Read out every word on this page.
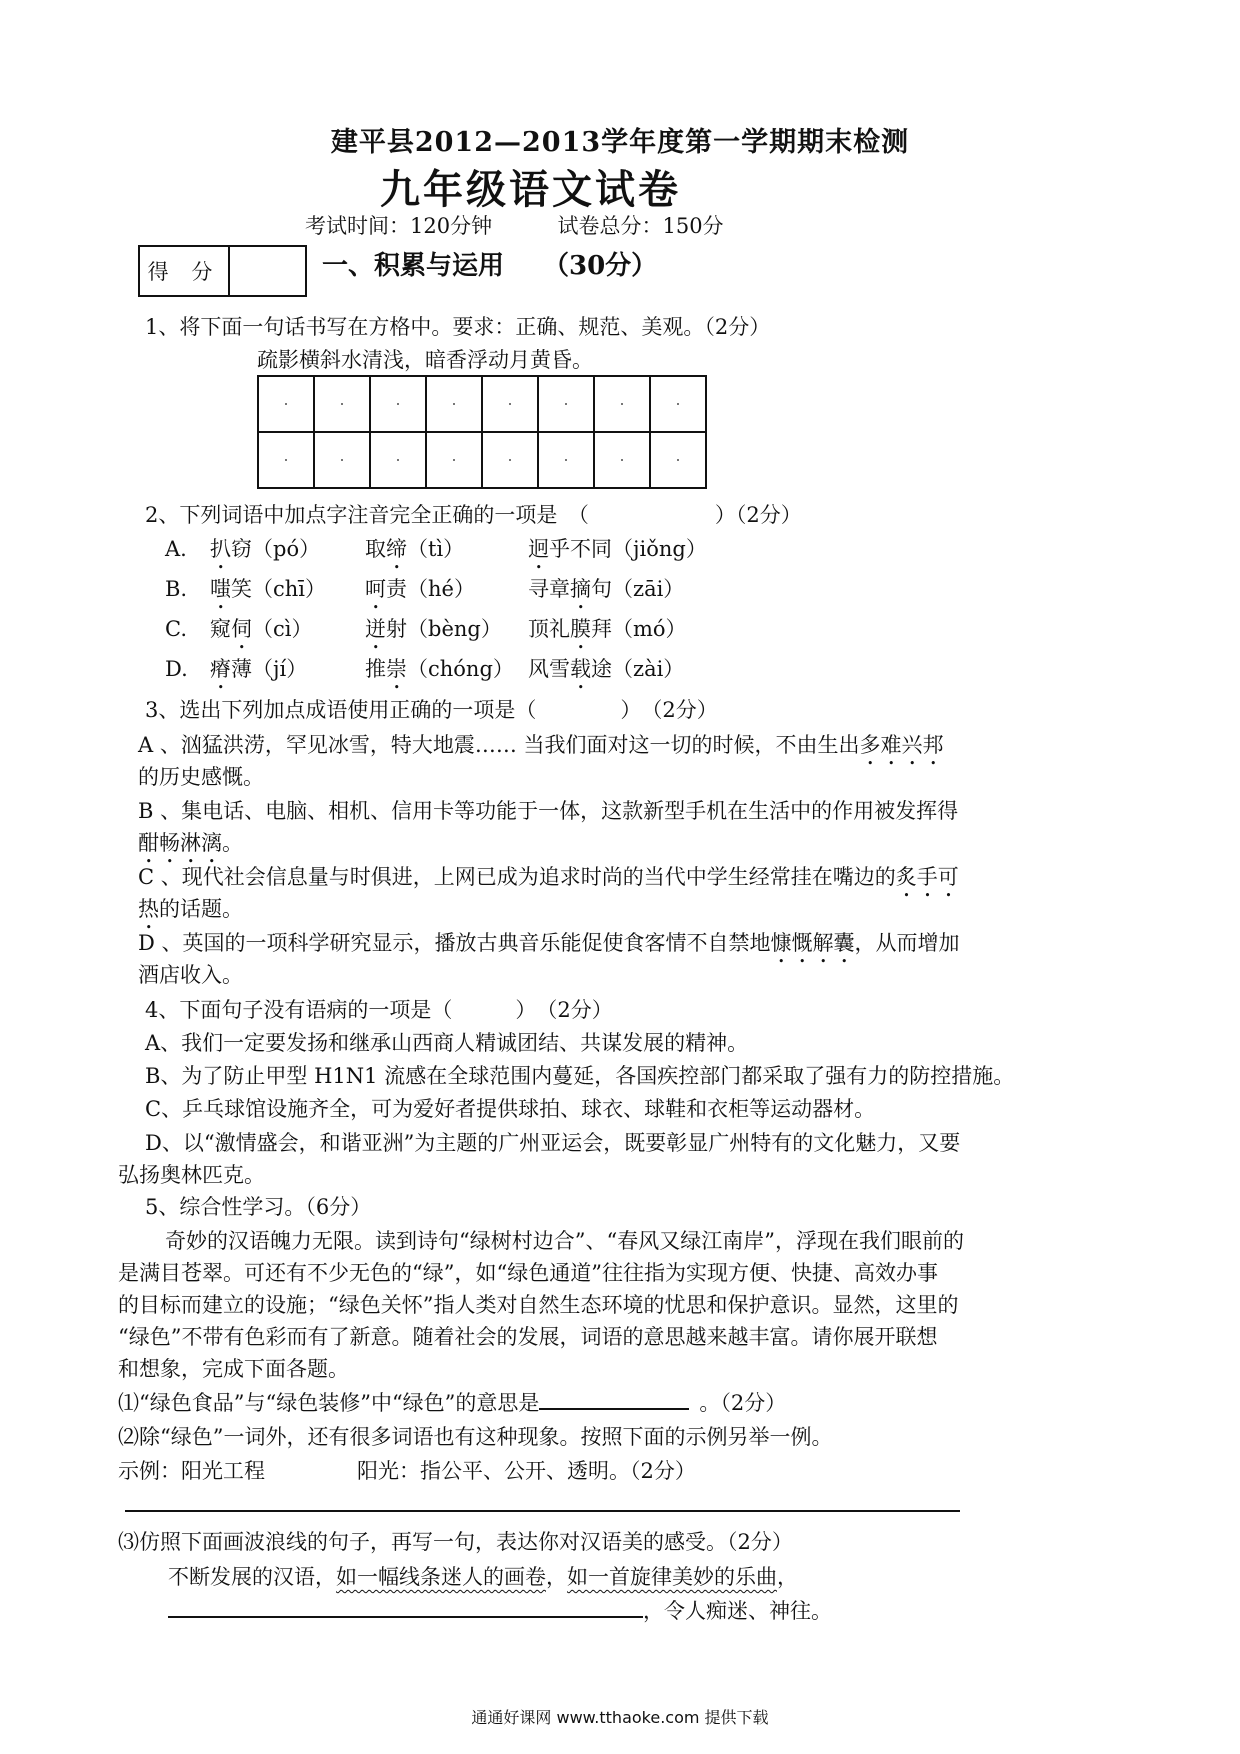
建平县2012—2013学年度第一学期期末检测
九年级语文试卷
考试时间：120分钟	试卷总分：150分
得 分	一、积累与运用　　（30分）
1、将下面一句话书写在方格中。要求：正确、规范、美观。（2分）
疏影横斜水清浅，暗香浮动月黄昏。
2、下列词语中加点字注音完全正确的一项是　（　　　　　　）（2分）
3、选出下列加点成语使用正确的一项是（　　　　）　（2分）
A 、汹猛洪涝，罕见冰雪，特大地震…… 当我们面对这一切的时候，不由生出多难兴邦
的历史感慨。
B 、集电话、电脑、相机、信用卡等功能于一体，这款新型手机在生活中的作用被发挥得
酣畅淋漓。
C 、现代社会信息量与时俱进，上网已成为追求时尚的当代中学生经常挂在嘴边的炙手可
热的话题。
D 、英国的一项科学研究显示，播放古典音乐能促使食客情不自禁地慷慨解囊，从而增加
酒店收入。
4、下面句子没有语病的一项是（　　　）　（2分）
A、我们一定要发扬和继承山西商人精诚团结、共谋发展的精神。
B、为了防止甲型 H1N1 流感在全球范围内蔓延，各国疾控部门都采取了强有力的防控措施。
C、乒乓球馆设施齐全，可为爱好者提供球拍、球衣、球鞋和衣柜等运动器材。
D、以“激情盛会，和谐亚洲”为主题的广州亚运会，既要彰显广州特有的文化魅力，又要
弘扬奥林匹克。
5、综合性学习。（6分）
奇妙的汉语魄力无限。读到诗句“绿树村边合”、“春风又绿江南岸”，浮现在我们眼前的
是满目苍翠。可还有不少无色的“绿”，如“绿色通道”往往指为实现方便、快捷、高效办事
的目标而建立的设施；“绿色关怀”指人类对自然生态环境的忧思和保护意识。显然，这里的
“绿色”不带有色彩而有了新意。随着社会的发展，词语的意思越来越丰富。请你展开联想
和想象，完成下面各题。
⑴“绿色食品”与“绿色装修”中“绿色”的意思是	。（2分）
⑵除“绿色”一词外，还有很多词语也有这种现象。按照下面的示例另举一例。
示例：阳光工程	阳光：指公平、公开、透明。（2分）
⑶仿照下面画波浪线的句子，再写一句，表达你对汉语美的感受。（2分）
不断发展的汉语，如一幅线条迷人的画卷，如一首旋律美妙的乐曲，
，令人痴迷、神往。
通通好课网 www.tthaoke.com 提供下载
A. 扒窃（pó） 取缔（tì）	迥乎不同（jiǒng）
B. 嗤笑（chī） 呵责（hé）	寻章摘句（zāi）
C. 窥伺（cì）	迸射（bèng） 顶礼膜拜（mó）
D. 瘠薄（jí）	推崇（chóng） 风雪载途（zài）
